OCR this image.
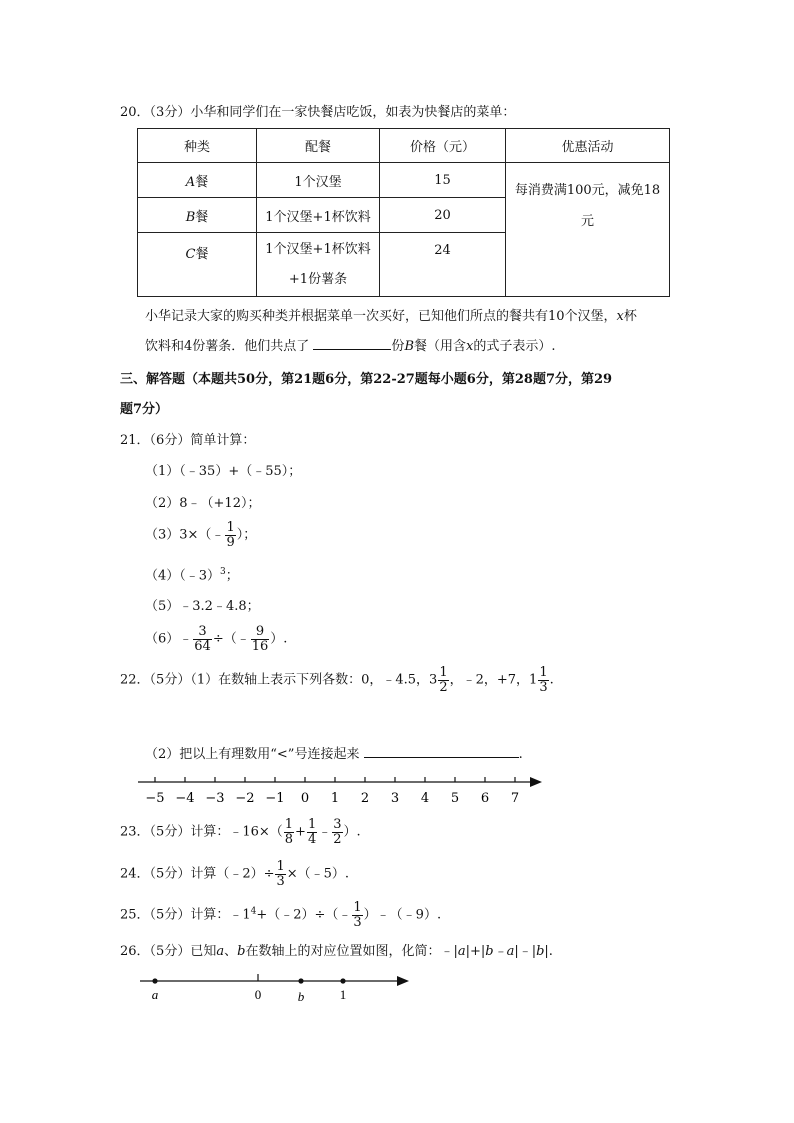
20．（3分）小华和同学们在一家快餐店吃饭，如表为快餐店的菜单：
种类	配餐	价格（元）	优惠活动
A餐	1个汉堡	15	每消费满100元，减免18
元
B餐	1个汉堡+1杯饮料	20	
C餐	1个汉堡+1杯饮料
+1份薯条	24	
小华记录大家的购买种类并根据菜单一次买好，已知他们所点的餐共有10个汉堡，x杯
饮料和4份薯条．他们共点了	份B餐（用含x的式子表示）.
三、解答题（本题共50分，第21题6分，第22-27题每小题6分，第28题7分，第29
题7分）
21．（6分）简单计算：
（1）（﹣35）+（﹣55）；
（2）8﹣（+12）；
（3）3×（﹣ $\frac{1}{9}$ ）；
（4）（﹣3）$^3$；
（5）﹣3.2﹣4.8；
（6）﹣ $\frac{3}{64}$ ÷（﹣ $\frac{9}{16}$ ）.
22．（5分）（1）在数轴上表示下列各数：0，﹣4.5，$3 \frac{1}{2}$ ，﹣2，+7，$1 \frac{1}{3}$ .
（2）把以上有理数用“<”号连接起来	.
−5 −4 −3 −2 −1 0 1 2 3 4 5 6 7
23．（5分）计算：﹣16×（ $\frac{1}{8} + \frac{1}{4}$ ﹣ $\frac{3}{2}$ ）.
24．（5分）计算（﹣2）÷ $\frac{1}{3}$ ×（﹣5）.
25．（5分）计算：$﹣1^4+(﹣2)\div(﹣ \frac{1}{3}$ ）﹣（﹣9）.
26．（5分）已知a、b在数轴上的对应位置如图，化简：﹣|a|+|b﹣a|﹣|b|.
a	0	b	1
